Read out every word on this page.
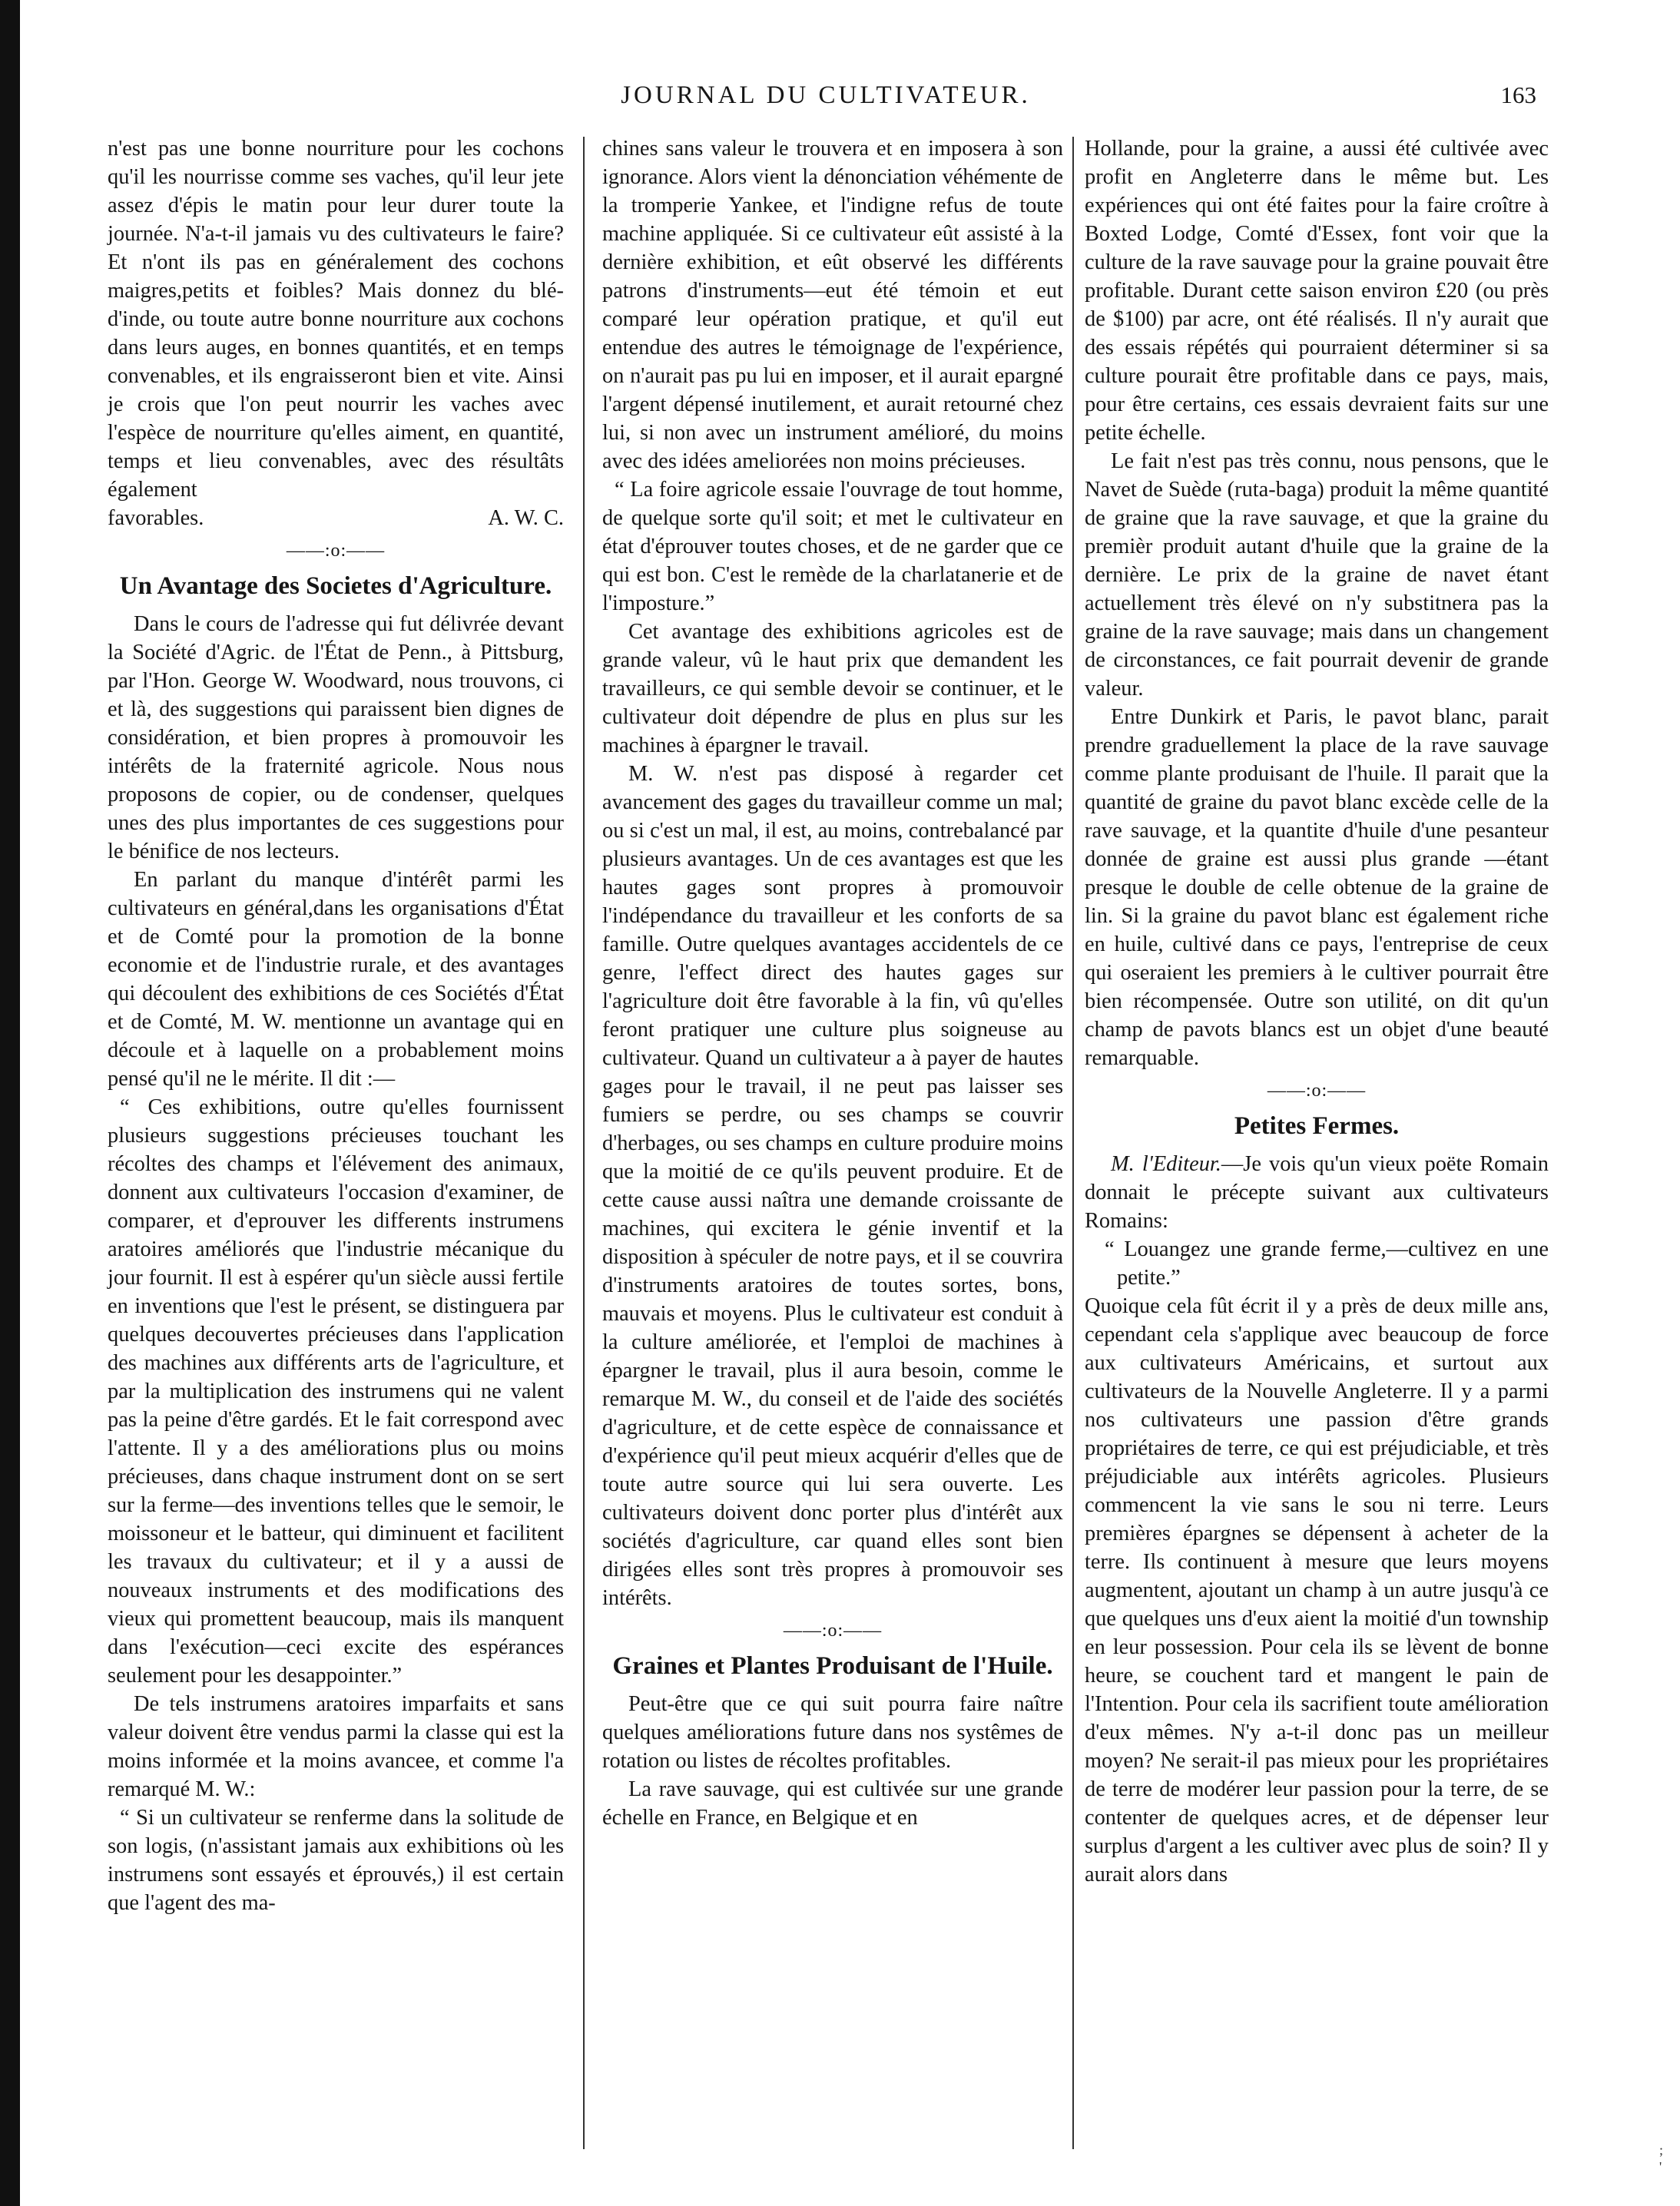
JOURNAL DU CULTIVATEUR.	163

n'est pas une bonne nourriture pour les cochons qu'il les nourrisse comme ses vaches, qu'il leur jete assez d'épis le matin pour leur durer toute la journée. N'a-t-il jamais vu des cultivateurs le faire? Et n'ont ils pas en généralement des cochons maigres,petits et foibles? Mais donnez du blé-d'inde, ou toute autre bonne nourriture aux cochons dans leurs auges, en bonnes quantités, et en temps convenables, et ils engraisseront bien et vite. Ainsi je crois que l'on peut nourrir les vaches avec l'espèce de nourriture qu'elles aiment, en quantité, temps et lieu convenables, avec des résultâts également

favorables.	A. W. C.
——:o:——
Un Avantage des Societes d'Agriculture.

Dans le cours de l'adresse qui fut délivrée devant la Société d'Agric. de l'État de Penn., à Pittsburg, par l'Hon. George W. Woodward, nous trouvons, ci et là, des suggestions qui paraissent bien dignes de considération, et bien propres à promouvoir les intérêts de la fraternité agricole. Nous nous proposons de copier, ou de condenser, quelques unes des plus importantes de ces suggestions pour le bénifice de nos lecteurs.

En parlant du manque d'intérêt parmi les cultivateurs en général,dans les organisations d'État et de Comté pour la promotion de la bonne economie et de l'industrie rurale, et des avantages qui découlent des exhibitions de ces Sociétés d'État et de Comté, M. W. mentionne un avantage qui en découle et à laquelle on a probablement moins pensé qu'il ne le mérite. Il dit :—

“ Ces exhibitions, outre qu'elles fournissent plusieurs suggestions précieuses touchant les récoltes des champs et l'élévement des animaux, donnent aux cultivateurs l'occasion d'examiner, de comparer, et d'eprouver les differents instrumens aratoires améliorés que l'industrie mécanique du jour fournit. Il est à espérer qu'un siècle aussi fertile en inventions que l'est le présent, se distinguera par quelques decouvertes précieuses dans l'application des machines aux différents arts de l'agriculture, et par la multiplication des instrumens qui ne valent pas la peine d'être gardés. Et le fait correspond avec l'attente. Il y a des améliorations plus ou moins précieuses, dans chaque instrument dont on se sert sur la ferme—des inventions telles que le semoir, le moissoneur et le batteur, qui diminuent et facilitent les travaux du cultivateur; et il y a aussi de nouveaux instruments et des modifications des vieux qui promettent beaucoup, mais ils manquent dans l'exécution—ceci excite des espérances seulement pour les desappointer.”

De tels instrumens aratoires imparfaits et sans valeur doivent être vendus parmi la classe qui est la moins informée et la moins avancee, et comme l'a remarqué M. W.:

“ Si un cultivateur se renferme dans la solitude de son logis, (n'assistant jamais aux exhibitions où les instrumens sont essayés et éprouvés,) il est certain que l'agent des ma-

chines sans valeur le trouvera et en imposera à son ignorance. Alors vient la dénonciation véhémente de la tromperie Yankee, et l'indigne refus de toute machine appliquée. Si ce cultivateur eût assisté à la dernière exhibition, et eût observé les différents patrons d'instruments—eut été témoin et eut comparé leur opération pratique, et qu'il eut entendue des autres le témoignage de l'expérience, on n'aurait pas pu lui en imposer, et il aurait epargné l'argent dépensé inutilement, et aurait retourné chez lui, si non avec un instrument amélioré, du moins avec des idées ameliorées non moins précieuses.

“ La foire agricole essaie l'ouvrage de tout homme, de quelque sorte qu'il soit; et met le cultivateur en état d'éprouver toutes choses, et de ne garder que ce qui est bon. C'est le remède de la charlatanerie et de l'imposture.”

Cet avantage des exhibitions agricoles est de grande valeur, vû le haut prix que demandent les travailleurs, ce qui semble devoir se continuer, et le cultivateur doit dépendre de plus en plus sur les machines à épargner le travail.

M. W. n'est pas disposé à regarder cet avancement des gages du travailleur comme un mal; ou si c'est un mal, il est, au moins, contrebalancé par plusieurs avantages. Un de ces avantages est que les hautes gages sont propres à promouvoir l'indépendance du travailleur et les conforts de sa famille. Outre quelques avantages accidentels de ce genre, l'effect direct des hautes gages sur l'agriculture doit être favorable à la fin, vû qu'elles feront pratiquer une culture plus soigneuse au cultivateur. Quand un cultivateur a à payer de hautes gages pour le travail, il ne peut pas laisser ses fumiers se perdre, ou ses champs se couvrir d'herbages, ou ses champs en culture produire moins que la moitié de ce qu'ils peuvent produire. Et de cette cause aussi naîtra une demande croissante de machines, qui excitera le génie inventif et la disposition à spéculer de notre pays, et il se couvrira d'instruments aratoires de toutes sortes, bons, mauvais et moyens. Plus le cultivateur est conduit à la culture améliorée, et l'emploi de machines à épargner le travail, plus il aura besoin, comme le remarque M. W., du conseil et de l'aide des sociétés d'agriculture, et de cette espèce de connaissance et d'expérience qu'il peut mieux acquérir d'elles que de toute autre source qui lui sera ouverte. Les cultivateurs doivent donc porter plus d'intérêt aux sociétés d'agriculture, car quand elles sont bien dirigées elles sont très propres à promouvoir ses intérêts.

——:o:——
Graines et Plantes Produisant de l'Huile.

Peut-être que ce qui suit pourra faire naître quelques améliorations future dans nos systêmes de rotation ou listes de récoltes profitables.

La rave sauvage, qui est cultivée sur une grande échelle en France, en Belgique et en

Hollande, pour la graine, a aussi été cultivée avec profit en Angleterre dans le même but. Les expériences qui ont été faites pour la faire croître à Boxted Lodge, Comté d'Essex, font voir que la culture de la rave sauvage pour la graine pouvait être profitable. Durant cette saison environ £20 (ou près de $100) par acre, ont été réalisés. Il n'y aurait que des essais répétés qui pourraient déterminer si sa culture pourait être profitable dans ce pays, mais, pour être certains, ces essais devraient faits sur une petite échelle.

Le fait n'est pas très connu, nous pensons, que le Navet de Suède (ruta-baga) produit la même quantité de graine que la rave sauvage, et que la graine du premièr produit autant d'huile que la graine de la dernière. Le prix de la graine de navet étant actuellement très élevé on n'y substitnera pas la graine de la rave sauvage; mais dans un changement de circonstances, ce fait pourrait devenir de grande valeur.

Entre Dunkirk et Paris, le pavot blanc, parait prendre graduellement la place de la rave sauvage comme plante produisant de l'huile. Il parait que la quantité de graine du pavot blanc excède celle de la rave sauvage, et la quantite d'huile d'une pesanteur donnée de graine est aussi plus grande —étant presque le double de celle obtenue de la graine de lin. Si la graine du pavot blanc est également riche en huile, cultivé dans ce pays, l'entreprise de ceux qui oseraient les premiers à le cultiver pourrait être bien récompensée. Outre son utilité, on dit qu'un champ de pavots blancs est un objet d'une beauté remarquable.

——:o:——
Petites Fermes.

M. l'Editeur.—Je vois qu'un vieux poëte Romain donnait le précepte suivant aux cultivateurs Romains:

“ Louangez une grande ferme,—cultivez en une petite.”

Quoique cela fût écrit il y a près de deux mille ans, cependant cela s'applique avec beaucoup de force aux cultivateurs Américains, et surtout aux cultivateurs de la Nouvelle Angleterre. Il y a parmi nos cultivateurs une passion d'être grands propriétaires de terre, ce qui est préjudiciable, et très préjudiciable aux intérêts agricoles. Plusieurs commencent la vie sans le sou ni terre. Leurs premières épargnes se dépensent à acheter de la terre. Ils continuent à mesure que leurs moyens augmentent, ajoutant un champ à un autre jusqu'à ce que quelques uns d'eux aient la moitié d'un township en leur possession. Pour cela ils se lèvent de bonne heure, se couchent tard et mangent le pain de l'Intention. Pour cela ils sacrifient toute amélioration d'eux mêmes. N'y a-t-il donc pas un meilleur moyen? Ne serait-il pas mieux pour les propriétaires de terre de modérer leur passion pour la terre, de se contenter de quelques acres, et de dépenser leur surplus d'argent a les cultiver avec plus de soin? Il y aurait alors dans

;
'
